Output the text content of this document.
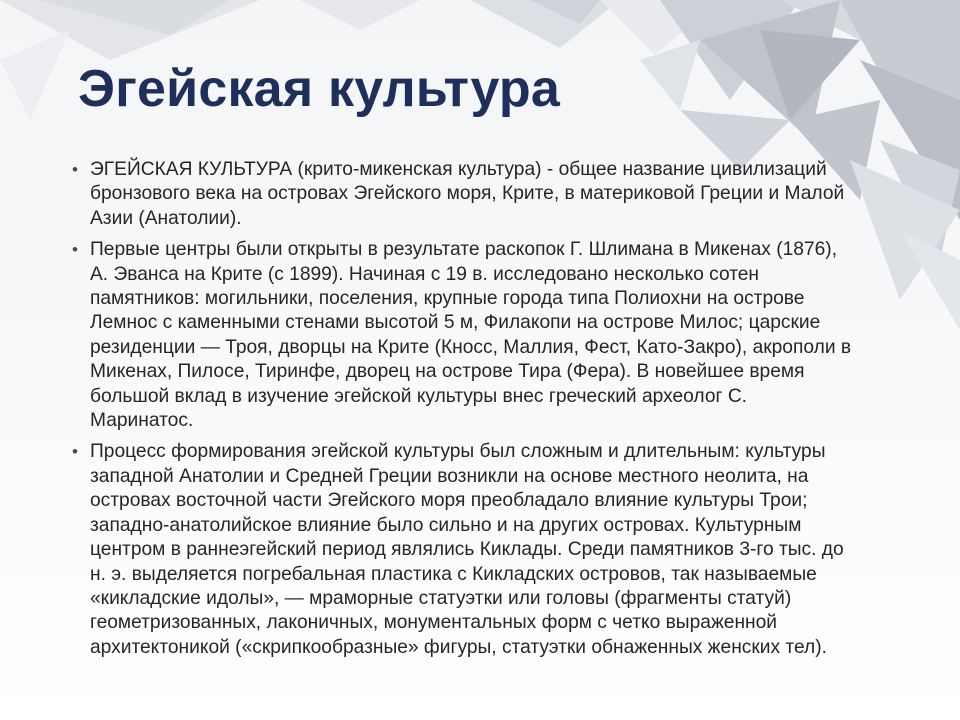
Эгейская культура
• ЭГЕЙСКАЯ КУЛЬТУРА (крито-микенская культура) - общее название цивилизаций бронзового века на островах Эгейского моря, Крите, в материковой Греции и Малой Азии (Анатолии).
• Первые центры были открыты в результате раскопок Г. Шлимана в Микенах (1876), А. Эванса на Крите (с 1899). Начиная с 19 в. исследовано несколько сотен памятников: могильники, поселения, крупные города типа Полиохни на острове Лемнос с каменными стенами высотой 5 м, Филакопи на острове Милос; царские резиденции — Троя, дворцы на Крите (Кносс, Маллия, Фест, Като-Закро), акрополи в Микенах, Пилосе, Тиринфе, дворец на острове Тира (Фера). В новейшее время большой вклад в изучение эгейской культуры внес греческий археолог С. Маринатос.
• Процесс формирования эгейской культуры был сложным и длительным: культуры западной Анатолии и Средней Греции возникли на основе местного неолита, на островах восточной части Эгейского моря преобладало влияние культуры Трои; западно-анатолийское влияние было сильно и на других островах. Культурным центром в раннеэгейский период являлись Киклады. Среди памятников 3-го тыс. до н. э. выделяется погребальная пластика с Кикладских островов, так называемые «кикладские идолы», — мраморные статуэтки или головы (фрагменты статуй) геометризованных, лаконичных, монументальных форм с четко выраженной архитектоникой («скрипкообразные» фигуры, статуэтки обнаженных женских тел).
